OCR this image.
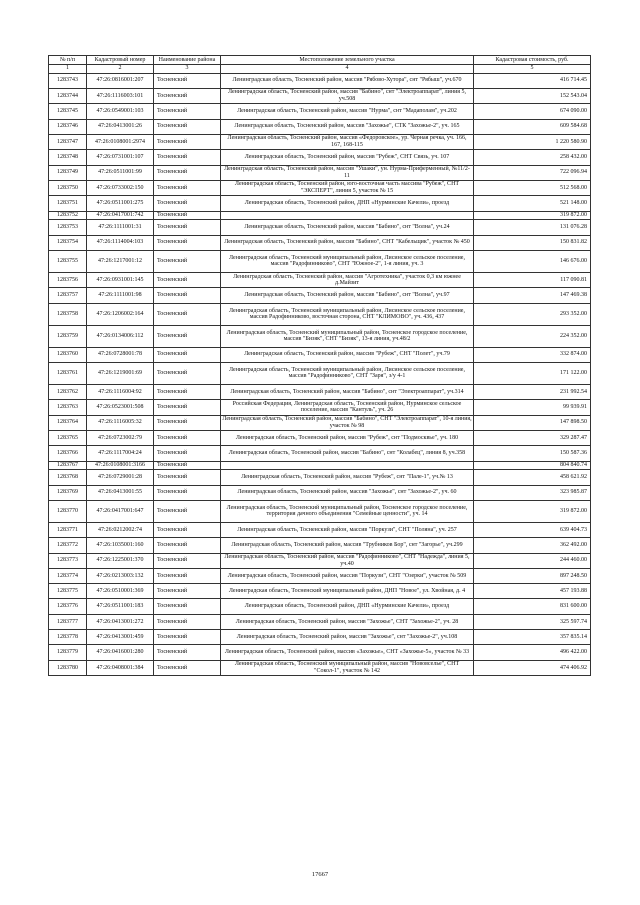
№ п/п	Кадастровый номер	Наименование района	Местоположение земельного участка	Кадастровая стоимость, руб.
1	2	3	4	5
1283743	47:26:0816001:207	Тосненский	Ленинградская область, Тосненский район, массив "Рябово-Хутора", снт "Рябыш", уч.670	416 714.45
1283744	47:26:1116003:101	Тосненский	Ленинградская область, Тосненский район, массив "Бабино", снт "Электроаппарат", линия 5, уч.508	152 543.04
1283745	47:26:0549001:103	Тосненский	Ленинградская область, Тосненский район, массив "Нурма", снт "Мадаполам", уч.202	674 090.00
1283746	47:26:0413001:26	Тосненский	Ленинградская область, Тосненский район, массив "Захожье", СТК "Захожье-2", уч. 165	609 584.68
1283747	47:26:0108001:2974	Тосненский	Ленинградская область, Тосненский район, массив «Федоровское», ур. Черная речка, уч. 166, 167, 168-115	1 220 580.90
1283748	47:26:0731001:107	Тосненский	Ленинградская область, Тосненский район, массив "Рубеж", СНТ Связь, уч. 107	258 432.00
1283749	47:26:0511001:99	Тосненский	Ленинградская область, Тосненский район, массив "Ушаки", ун. Нурма-Приферменный, №11/2-11	722 096.94
1283750	47:26:0733002:150	Тосненский	Ленинградская область, Тосненский район, юго-восточная часть массива "Рубеж", СНТ "ЭКСПЕРТ", линия 5, участок № 15	512 568.00
1283751	47:26:0511001:275	Тосненский	Ленинградская область, Тосненский район, ДНП «Нурминские Качели», проезд	521 148.00
1283752	47:26:0417001:742	Тосненский		319 872.00
1283753	47:26:1111001:31	Тосненский	Ленинградская область, Тосненский район, массив "Бабино", снт "Волна", уч.24	131 076.28
1283754	47:26:1114004:103	Тосненский	Ленинградская область, Тосненский район, массив "Бабино", СНТ "Кабельщик", участок № 450	150 831.82
1283755	47:26:1217001:12	Тосненский	Ленинградская область, Тосненский муниципальный район, Лисинское сельское поселение, массив "Радофинниково", СНТ "Южное-2", 1-я линия, уч. 3	146 676.00
1283756	47:26:0931001:145	Тосненский	Ленинградская область, Тосненский район, массив "Агротехника", участок 0,3 км южнее д.Майзит	117 090.81
1283757	47:26:1111001:98	Тосненский	Ленинградская область, Тосненский район, массив "Бабино", снт "Волна", уч.97	147 469.38
1283758	47:26:1206002:164	Тосненский	Ленинградская область, Тосненский муниципальный район, Лисинское сельское поселение, массив Радофинниково, восточная сторона, СНТ "КЛИМОВО", уч. 436, 437	293 352.00
1283759	47:26:0134006:112	Тосненский	Ленинградская область, Тосненский муниципальный район, Тосненское городское поселение, массив "Бизяк", СНТ "Бизяк", 13-я линия, уч.48/2	224 352.00
1283760	47:26:0728001:78	Тосненский	Ленинградская область, Тосненский район, массив "Рубеж", СНТ "Полет", уч.79	332 874.00
1283761	47:26:1219001:69	Тосненский	Ленинградская область, Тосненский муниципальный район, Лисинское сельское поселение, массив "Радофинниково", СНТ "Заря", з/у 4-1	171 122.00
1283762	47:26:1116004:92	Тосненский	Ленинградская область, Тосненский район, массив "Бабино", снт "Электроаппарат", уч.314	231 992.54
1283763	47:26:0523001:508	Тосненский	Российская Федерация, Ленинградская область, Тосненский район, Нурминское сельское поселение, массив "Кантуль", уч. 26	99 939.91
1283764	47:26:1116005:32	Тосненский	Ленинградская область, Тосненский район, массив "Бабино", СНТ "Электроаппарат", 10-я линия, участок № 98	147 898.50
1283765	47:26:0723002:79	Тосненский	Ленинградская область, Тосненский район, массив "Рубеж", снт "Подмосквье", уч. 180	329 287.47
1283766	47:26:1117004:24	Тосненский	Ленинградская область, Тосненский район, массив "Бабино", снт "Колабец", линия 8, уч.358	150 587.36
1283767	47:26:0108001:3166	Тосненский		804 840.74
1283768	47:26:0729001:28	Тосненский	Ленинградская область, Тосненский район, массив "Рубеж", снт "Пале-1", уч.№ 13	458 621.92
1283769	47:26:0413001:55	Тосненский	Ленинградская область, Тосненский район, массив "Захожье", снт "Захожье-2", уч. 60	323 985.87
1283770	47:26:0417001:647	Тосненский	Ленинградская область, Тосненский муниципальный район, Тосненское городское поселение, территория дачного объединения "Семейные ценности", уч. 14	319 872.00
1283771	47:26:0212002:74	Тосненский	Ленинградская область, Тосненский район, массив "Поркузи", СНТ "Поляна", уч. 257	639 404.73
1283772	47:26:1035001:160	Тосненский	Ленинградская область, Тосненский район, массив "Трубников Бор", снт "Загорье", уч.299	362 492.00
1283773	47:26:1225001:370	Тосненский	Ленинградская область, Тосненский район, массив "Радофинниково", СНТ "Надежда", линия 5, уч.40	244 460.00
1283774	47:26:0213003:132	Тосненский	Ленинградская область, Тосненский район, массив "Поркузи", СНТ "Озерки", участок № 509	897 248.50
1283775	47:26:0510001:369	Тосненский	Ленинградская область, Тосненский муниципальный район, ДНП "Новое", ул. Хвойная, д. 4	457 193.88
1283776	47:26:0511001:183	Тосненский	Ленинградская область, Тосненский район, ДНП «Нурминские Качели», проезд	831 600.00
1283777	47:26:0413001:272	Тосненский	Ленинградская область, Тосненский район, массив "Захожье", СНТ "Захожье-2", уч. 28	325 597.74
1283778	47:26:0413001:459	Тосненский	Ленинградская область, Тосненский район, массив "Захожье", снт "Захожье-2", уч.108	357 835.14
1283779	47:26:0416001:280	Тосненский	Ленинградская область, Тосненский район, массив «Захожье», СНТ «Захожье-5», участок № 33	496 422.00
1283780	47:26:0408001:384	Тосненский	Ленинградская область, Тосненский муниципальный район, массив "Нововселье", СНТ "Сокол-1", участок № 142	474 406.92
17667
